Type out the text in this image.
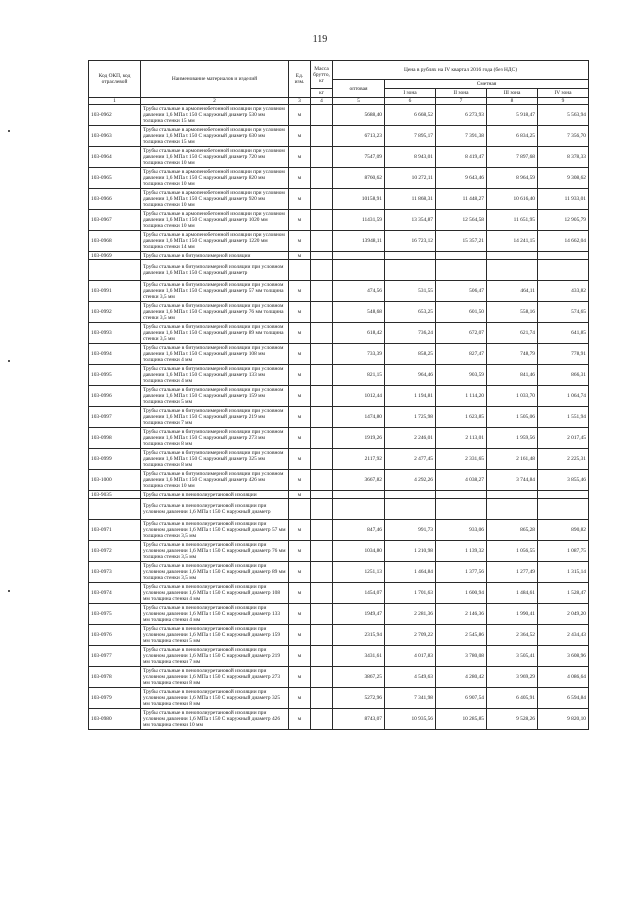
119
Код ОКП, код отраслевой	Наименование материалов и изделий	Ед. изм.	Масса брутто, кг	Цена в рублях на IV квартал 2016 года (без НДС)				
				оптовая	Сметная			
			кг		I зона	II зона	III зона	IV зона
1	2	3	4	5	6	7	8	9
103-0962	Трубы стальные в армопенобетонной изоляции при условном давлении 1,6 МПа t 150 С наружный диаметр 530 мм толщина стенки 15 мм	м		5688,40	6 668,52	6 273,93	5 918,47	5 563,94
103-0963	Трубы стальные в армопенобетонной изоляции при условном давлении 1,6 МПа t 150 С наружный диаметр 630 мм толщина стенки 15 мм	м		6713,23	7 895,17	7 391,38	6 834,25	7 356,70
103-0964	Трубы стальные в армопенобетонной изоляции при условном давлении 1,6 МПа t 150 С наружный диаметр 720 мм толщина стенки 10 мм	м		7547,09	8 943,01	8 419,47	7 897,68	8 378,33
103-0965	Трубы стальные в армопенобетонной изоляции при условном давлении 1,6 МПа t 150 С наружный диаметр 820 мм толщина стенки 10 мм	м		8760,62	10 272,11	9 643,46	8 964,59	9 308,62
103-0966	Трубы стальные в армопенобетонной изоляции при условном давлении 1,6 МПа t 150 С наружный диаметр 920 мм толщина стенки 10 мм	м		10158,91	11 868,31	11 448,27	10 616,40	11 933,01
103-0967	Трубы стальные в армопенобетонной изоляции при условном давлении 1,6 МПа t 150 С наружный диаметр 1020 мм толщина стенки 10 мм	м		11431,59	13 354,87	12 564,58	11 651,95	12 905,79
103-0968	Трубы стальные в армопенобетонной изоляции при условном давлении 1,6 МПа t 150 С наружный диаметр 1220 мм толщина стенки 14 мм	м		13948,11	16 723,12	15 357,21	14 241,15	14 662,04
103-0969	Трубы стальные в битумполимерной изоляции	м						
	Трубы стальные в битумполимерной изоляции при условном давлении 1,6 МПа t 150 С наружный диаметр							
103-0991	Трубы стальные в битумполимерной изоляции при условном давлении 1,6 МПа t 150 С наружный диаметр 57 мм толщина стенки 3,5 мм	м		474,56	531,55	506,47	464,11	433,82
103-0992	Трубы стальные в битумполимерной изоляции при условном давлении 1,6 МПа t 150 С наружный диаметр 76 мм толщина стенки 3,5 мм	м		548,68	653,25	601,50	558,16	574,65
103-0993	Трубы стальные в битумполимерной изоляции при условном давлении 1,6 МПа t 150 С наружный диаметр 89 мм толщина стенки 3,5 мм	м		618,42	736,24	672,07	621,74	641,85
103-0994	Трубы стальные в битумполимерной изоляции при условном давлении 1,6 МПа t 150 С наружный диаметр 108 мм толщина стенки 4 мм	м		733,39	858,25	827,47	748,79	778,91
103-0995	Трубы стальные в битумполимерной изоляции при условном давлении 1,6 МПа t 150 С наружный диаметр 133 мм толщина стенки 4 мм	м		821,15	964,46	903,59	841,46	866,31
103-0996	Трубы стальные в битумполимерной изоляции при условном давлении 1,6 МПа t 150 С наружный диаметр 159 мм толщина стенки 5 мм	м		1012,44	1 194,81	1 114,20	1 033,70	1 064,74
103-0997	Трубы стальные в битумполимерной изоляции при условном давлении 1,6 МПа t 150 С наружный диаметр 219 мм толщина стенки 7 мм	м		1474,80	1 725,98	1 623,85	1 505,06	1 551,94
103-0998	Трубы стальные в битумполимерной изоляции при условном давлении 1,6 МПа t 150 С наружный диаметр 273 мм толщина стенки 8 мм	м		1919,26	2 246,01	2 113,01	1 959,56	2 017,45
103-0999	Трубы стальные в битумполимерной изоляции при условном давлении 1,6 МПа t 150 С наружный диаметр 325 мм толщина стенки 8 мм	м		2117,92	2 477,45	2 331,65	2 161,48	2 225,31
103-1000	Трубы стальные в битумполимерной изоляции при условном давлении 1,6 МПа t 150 С наружный диаметр 426 мм толщина стенки 10 мм	м		3667,82	4 292,26	4 038,27	3 744,84	3 855,46
103-9035	Трубы стальные в пенополиуретановой изоляции	м						
	Трубы стальные в пенополиуретановой изоляции при условном давлении 1,6 МПа t 150 С наружный диаметр							
103-0971	Трубы стальные в пенополиуретановой изоляции при условном давлении 1,6 МПа t 150 С наружный диаметр 57 мм толщина стенки 3,5 мм	м		847,46	991,73	933,06	865,28	890,82
103-0972	Трубы стальные в пенополиуретановой изоляции при условном давлении 1,6 МПа t 150 С наружный диаметр 76 мм толщина стенки 3,5 мм	м		1034,80	1 210,98	1 139,32	1 056,55	1 087,75
103-0973	Трубы стальные в пенополиуретановой изоляции при условном давлении 1,6 МПа t 150 С наружный диаметр 89 мм толщина стенки 3,5 мм	м		1251,13	1 464,84	1 377,56	1 277,49	1 315,14
103-0974	Трубы стальные в пенополиуретановой изоляции при условном давлении 1,6 МПа t 150 С наружный диаметр 108 мм толщина стенки 4 мм	м		1454,07	1 701,63	1 600,94	1 484,61	1 528,47
103-0975	Трубы стальные в пенополиуретановой изоляции при условном давлении 1,6 МПа t 150 С наружный диаметр 133 мм толщина стенки 4 мм	м		1949,47	2 281,36	2 146,36	1 990,41	2 049,20
103-0976	Трубы стальные в пенополиуретановой изоляции при условном давлении 1,6 МПа t 150 С наружный диаметр 159 мм толщина стенки 5 мм	м		2315,94	2 709,22	2 545,86	2 364,52	2 434,43
103-0977	Трубы стальные в пенополиуретановой изоляции при условном давлении 1,6 МПа t 150 С наружный диаметр 219 мм толщина стенки 7 мм	м		3431,61	4 017,83	3 780,08	3 505,41	3 608,96
103-0978	Трубы стальные в пенополиуретановой изоляции при условном давлении 1,6 МПа t 150 С наружный диаметр 273 мм толщина стенки 8 мм	м		3867,25	4 549,63	4 280,42	3 969,29	4 086,64
103-0979	Трубы стальные в пенополиуретановой изоляции при условном давлении 1,6 МПа t 150 С наружный диаметр 325 мм толщина стенки 8 мм	м		5272,96	7 341,98	6 907,54	6 405,91	6 594,84
103-0980	Трубы стальные в пенополиуретановой изоляции при условном давлении 1,6 МПа t 150 С наружный диаметр 426 мм толщина стенки 10 мм	м		8743,07	10 935,56	10 285,85	9 528,26	9 820,10
